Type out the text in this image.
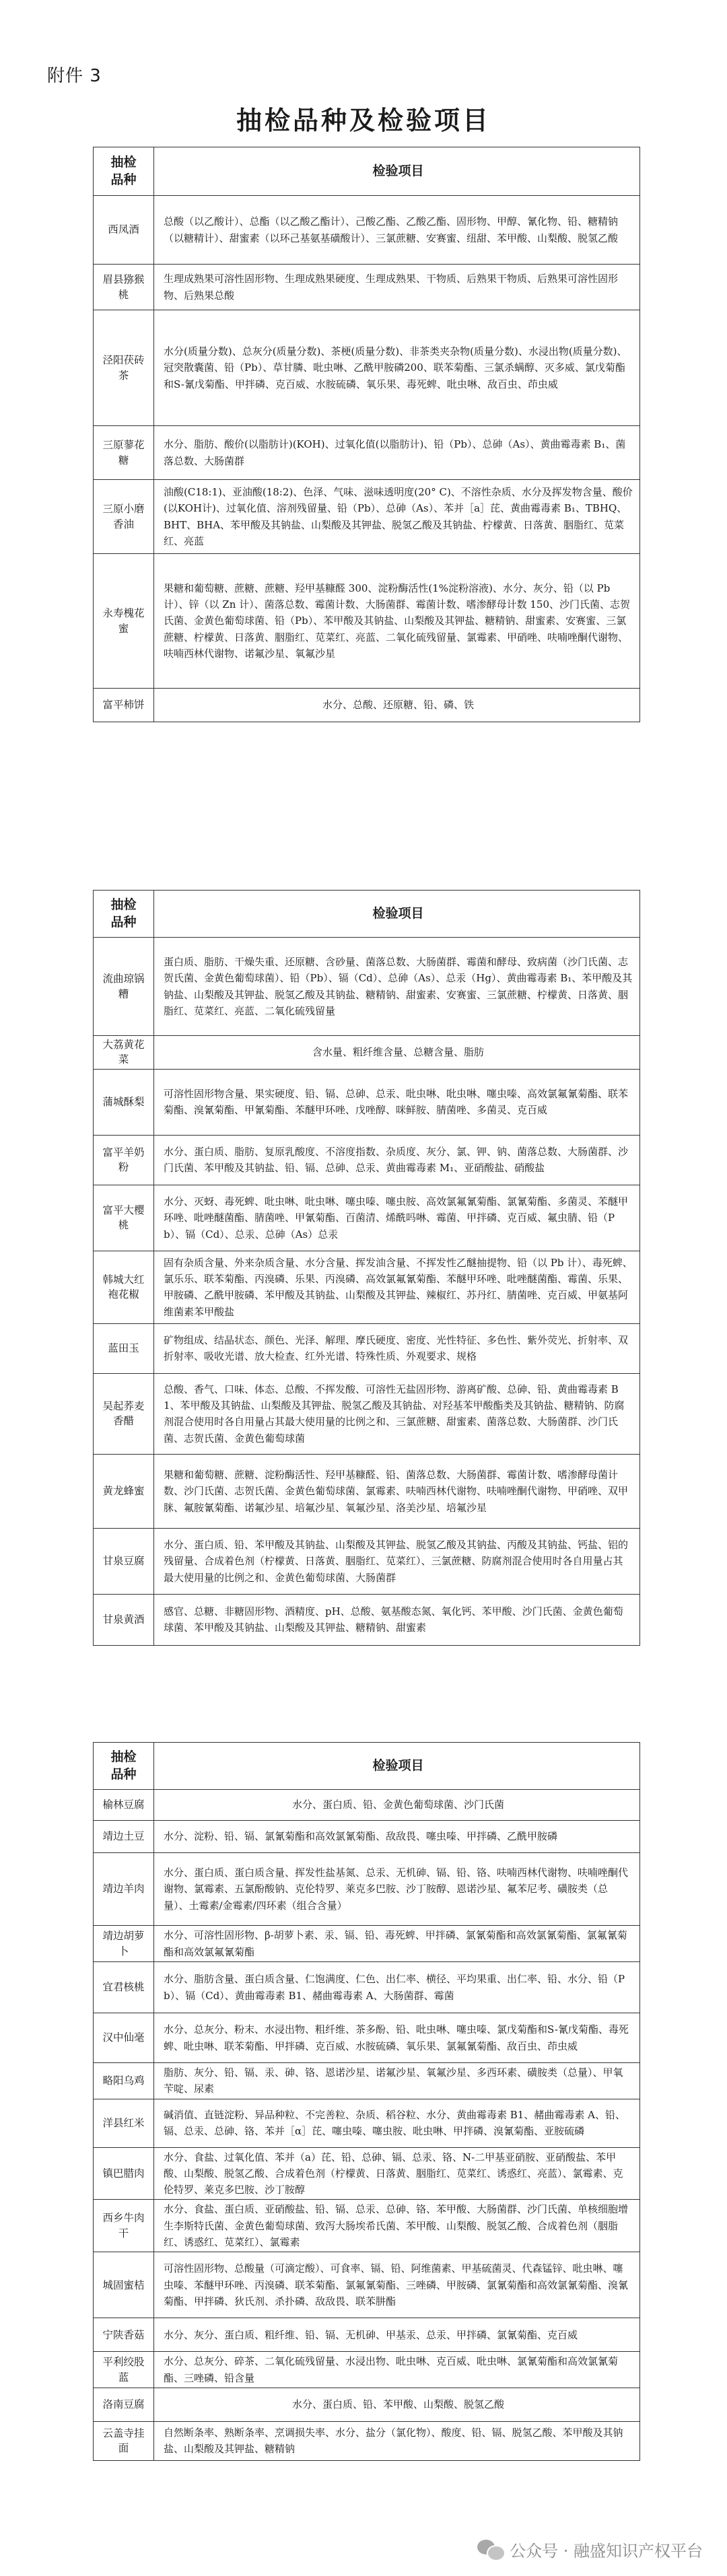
附件 3
抽检品种及检验项目
抽检
品种	检验项目
西凤酒	总酸（以乙酸计）、总酯（以乙酸乙酯计）、己酸乙酯、乙酸乙酯、固形物、甲醇、氰化物、铅、糖精钠（以糖精计）、甜蜜素（以环己基氨基磺酸计）、三氯蔗糖、安赛蜜、纽甜、苯甲酸、山梨酸、脱氢乙酸
眉县猕猴桃	生理成熟果可溶性固形物、生理成熟果硬度、生理成熟果、干物质、后熟果干物质、后熟果可溶性固形物、后熟果总酸
泾阳茯砖茶	水分(质量分数)、总灰分(质量分数)、茶梗(质量分数)、非茶类夹杂物(质量分数)、水浸出物(质量分数)、冠突散囊菌、铅（Pb）、草甘膦、吡虫啉、乙酰甲胺磷200、联苯菊酯、三氯杀螨醇、灭多威、氯戊菊酯和S-氰戊菊酯、甲拌磷、克百威、水胺硫磷、氧乐果、毒死蜱、吡虫啉、敌百虫、茚虫威
三原蓼花糖	水分、脂肪、酸价(以脂肪计)(KOH)、过氧化值(以脂肪计)、铅（Pb）、总砷（As）、黄曲霉毒素 B₁、菌落总数、大肠菌群
三原小磨香油	油酸(C18:1)、亚油酸(18:2)、色泽、气味、滋味透明度(20° C)、不溶性杂质、水分及挥发物含量、酸价(以KOH计)、过氧化值、溶剂残留量、铅（Pb）、总砷（As）、苯并［a］芘、黄曲霉毒素 B₁、TBHQ、BHT、BHA、苯甲酸及其钠盐、山梨酸及其钾盐、脱氢乙酸及其钠盐、柠檬黄、日落黄、胭脂红、苋菜红、亮蓝
永寿槐花蜜	果糖和葡萄糖、蔗糖、蔗糖、羟甲基糠醛 300、淀粉酶活性(1%淀粉溶液)、水分、灰分、铅（以 Pb 计）、锌（以 Zn 计）、菌落总数、霉菌计数、大肠菌群、霉菌计数、嗜渗酵母计数 150、沙门氏菌、志贺氏菌、金黄色葡萄球菌、铅（Pb）、苯甲酸及其钠盐、山梨酸及其钾盐、糖精钠、甜蜜素、安赛蜜、三氯蔗糖、柠檬黄、日落黄、胭脂红、苋菜红、亮蓝、二氧化硫残留量、氯霉素、甲硝唑、呋喃唑酮代谢物、呋喃西林代谢物、诺氟沙星、氧氟沙星
富平柿饼	水分、总酸、还原糖、铅、磷、铁
抽检
品种	检验项目
流曲琼锅糟	蛋白质、脂肪、干燥失重、还原糖、含砂量、菌落总数、大肠菌群、霉菌和酵母、致病菌（沙门氏菌、志贺氏菌、金黄色葡萄球菌）、铅（Pb）、镉（Cd）、总砷（As）、总汞（Hg）、黄曲霉毒素 B₁、苯甲酸及其钠盐、山梨酸及其钾盐、脱氢乙酸及其钠盐、糖精钠、甜蜜素、安赛蜜、三氯蔗糖、柠檬黄、日落黄、胭脂红、苋菜红、亮蓝、二氧化硫残留量
大荔黄花菜	含水量、粗纤维含量、总糖含量、脂肪
蒲城酥梨	可溶性固形物含量、果实硬度、铅、镉、总砷、总汞、吡虫啉、吡虫啉、噻虫嗪、高效氯氟氰菊酯、联苯菊酯、溴氰菊酯、甲氰菊酯、苯醚甲环唑、戊唑醇、咪鲜胺、腈菌唑、多菌灵、克百威
富平羊奶粉	水分、蛋白质、脂肪、复原乳酸度、不溶度指数、杂质度、灰分、氯、钾、钠、菌落总数、大肠菌群、沙门氏菌、苯甲酸及其钠盐、铅、镉、总砷、总汞、黄曲霉毒素 M₁、亚硝酸盐、硝酸盐
富平大樱桃	水分、灭蚜、毒死蜱、吡虫啉、吡虫啉、噻虫嗪、噻虫胺、高效氯氟氰菊酯、氯氰菊酯、多菌灵、苯醚甲环唑、吡唑醚菌酯、腈菌唑、甲氰菊酯、百菌清、烯酰吗啉、霉菌、甲拌磷、克百威、氟虫腈、铅（Pb）、镉（Cd）、总汞、总砷（As）总汞
韩城大红袍花椒	固有杂质含量、外来杂质含量、水分含量、挥发油含量、不挥发性乙醚抽提物、铅（以 Pb 计）、毒死蜱、氯乐乐、联苯菊酯、丙溴磷、乐果、丙溴磷、高效氯氟氰菊酯、苯醚甲环唑、吡唑醚菌酯、霉菌、乐果、甲胺磷、乙酰甲胺磷、苯甲酸及其钠盐、山梨酸及其钾盐、辣椒红、苏丹红、腈菌唑、克百威、甲氨基阿维菌素苯甲酸盐
蓝田玉	矿物组成、结晶状态、颜色、光泽、解理、摩氏硬度、密度、光性特征、多色性、紫外荧光、折射率、双折射率、吸收光谱、放大检查、红外光谱、特殊性质、外观要求、规格
吴起荞麦香醋	总酸、香气、口味、体态、总酸、不挥发酸、可溶性无盐固形物、游离矿酸、总砷、铅、黄曲霉毒素 B1、苯甲酸及其钠盐、山梨酸及其钾盐、脱氢乙酸及其钠盐、对羟基苯甲酸酯类及其钠盐、糖精钠、防腐剂混合使用时各自用量占其最大使用量的比例之和、三氯蔗糖、甜蜜素、菌落总数、大肠菌群、沙门氏菌、志贺氏菌、金黄色葡萄球菌
黄龙蜂蜜	果糖和葡萄糖、蔗糖、淀粉酶活性、羟甲基糠醛、铅、菌落总数、大肠菌群、霉菌计数、嗜渗酵母菌计数、沙门氏菌、志贺氏菌、金黄色葡萄球菌、氯霉素、呋喃西林代谢物、呋喃唑酮代谢物、甲硝唑、双甲脒、氟胺氰菊酯、诺氟沙星、培氟沙星、氧氟沙星、洛美沙星、培氟沙星
甘泉豆腐	水分、蛋白质、铅、苯甲酸及其钠盐、山梨酸及其钾盐、脱氢乙酸及其钠盐、丙酸及其钠盐、钙盐、铝的残留量、合成着色剂（柠檬黄、日落黄、胭脂红、苋菜红）、三氯蔗糖、防腐剂混合使用时各自用量占其最大使用量的比例之和、金黄色葡萄球菌、大肠菌群
甘泉黄酒	感官、总糖、非糖固形物、酒精度、pH、总酸、氨基酸态氮、氧化钙、苯甲酸、沙门氏菌、金黄色葡萄球菌、苯甲酸及其钠盐、山梨酸及其钾盐、糖精钠、甜蜜素
抽检
品种	检验项目
榆林豆腐	水分、蛋白质、铅、金黄色葡萄球菌、沙门氏菌
靖边土豆	水分、淀粉、铅、镉、氯氰菊酯和高效氯氰菊酯、敌敌畏、噻虫嗪、甲拌磷、乙酰甲胺磷
靖边羊肉	水分、蛋白质、蛋白质含量、挥发性盐基氮、总汞、无机砷、镉、铅、铬、呋喃西林代谢物、呋喃唑酮代谢物、氯霉素、五氯酚酸钠、克伦特罗、莱克多巴胺、沙丁胺醇、恩诺沙星、氟苯尼考、磺胺类（总量）、土霉素/金霉素/四环素（组合含量）
靖边胡萝卜	水分、可溶性固形物、β-胡萝卜素、汞、镉、铅、毒死蜱、甲拌磷、氯氰菊酯和高效氯氰菊酯、氯氟氰菊酯和高效氯氟氰菊酯
宜君核桃	水分、脂肪含量、蛋白质含量、仁饱满度、仁色、出仁率、横径、平均果重、出仁率、铅、水分、铅（Pb）、镉（Cd）、黄曲霉毒素 B1、赭曲霉毒素 A、大肠菌群、霉菌
汉中仙毫	水分、总灰分、粉末、水浸出物、粗纤维、茶多酚、铅、吡虫啉、噻虫嗪、氯戊菊酯和S-氰戊菊酯、毒死蜱、吡虫啉、联苯菊酯、甲拌磷、克百威、水胺硫磷、氧乐果、氯氟氰菊酯、敌百虫、茚虫威
略阳乌鸡	脂肪、灰分、铅、镉、汞、砷、铬、恩诺沙星、诺氟沙星、氧氟沙星、多西环素、磺胺类（总量）、甲氧苄啶、尿素
洋县红米	碱消值、直链淀粉、异品种粒、不完善粒、杂质、稻谷粒、水分、黄曲霉毒素 B1、赭曲霉毒素 A、铅、镉、总汞、总砷、铬、苯并［α］芘、噻虫嗪、噻虫胺、吡虫啉、甲拌磷、溴氰菊酯、亚胺硫磷
镇巴腊肉	水分、食盐、过氧化值、苯并（a）芘、铅、总砷、镉、总汞、铬、N-二甲基亚硝胺、亚硝酸盐、苯甲酸、山梨酸、脱氢乙酸、合成着色剂（柠檬黄、日落黄、胭脂红、苋菜红、诱惑红、亮蓝）、氯霉素、克伦特罗、莱克多巴胺、沙丁胺醇
西乡牛肉干	水分、食盐、蛋白质、亚硝酸盐、铅、镉、总汞、总砷、铬、苯甲酸、大肠菌群、沙门氏菌、单核细胞增生李斯特氏菌、金黄色葡萄球菌、致泻大肠埃希氏菌、苯甲酸、山梨酸、脱氢乙酸、合成着色剂（胭脂红、诱惑红、苋菜红）、氯霉素
城固蜜桔	可溶性固形物、总酸量（可滴定酸）、可食率、镉、铅、阿维菌素、甲基硫菌灵、代森锰锌、吡虫啉、噻虫嗪、苯醚甲环唑、丙溴磷、联苯菊酯、氯氟氰菊酯、三唑磷、甲胺磷、氯氰菊酯和高效氯氰菊酯、溴氰菊酯、甲拌磷、狄氏剂、杀扑磷、敌敌畏、联苯肼酯
宁陕香菇	水分、灰分、蛋白质、粗纤维、铅、镉、无机砷、甲基汞、总汞、甲拌磷、氯氰菊酯、克百威
平利绞股蓝	水分、总灰分、碎茶、二氧化硫残留量、水浸出物、吡虫啉、克百威、吡虫啉、氯氰菊酯和高效氯氰菊酯、三唑磷、铅含量
洛南豆腐	水分、蛋白质、铅、苯甲酸、山梨酸、脱氢乙酸
云盖寺挂面	自然断条率、熟断条率、烹调损失率、水分、盐分（氯化物）、酸度、铅、镉、脱氢乙酸、苯甲酸及其钠盐、山梨酸及其钾盐、糖精钠
公众号 · 融盛知识产权平台
